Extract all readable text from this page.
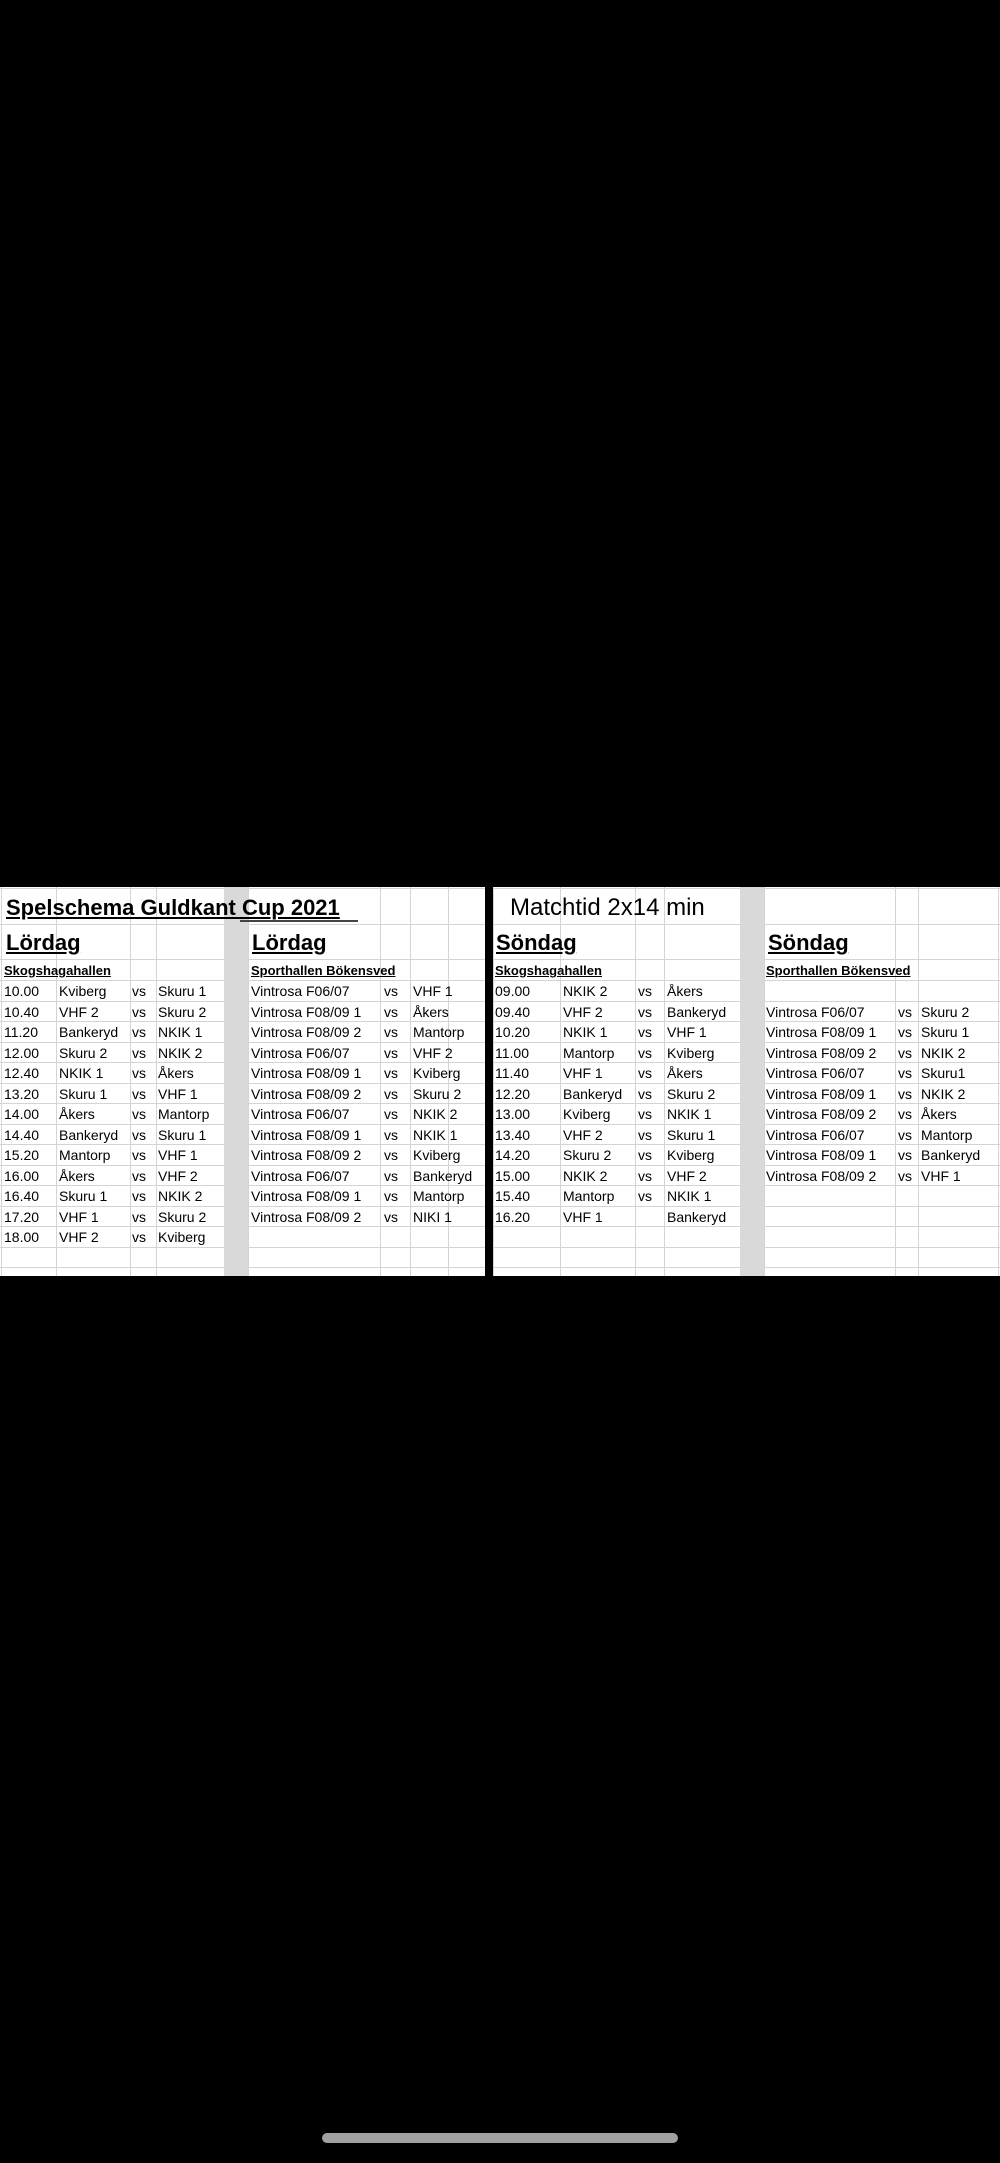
Spelschema Guldkant Cup 2021	Matchtid 2x14 min
Lördag
Skogshagahallen
10.00 Kviberg vs Skuru 1
10.40 VHF 2 vs Skuru 2
11.20 Bankeryd vs NKIK 1
12.00 Skuru 2 vs NKIK 2
12.40 NKIK 1 vs Åkers
13.20 Skuru 1 vs VHF 1
14.00 Åkers	vs Mantorp
14.40 Bankeryd vs Skuru 1
15.20 Mantorp vs VHF 1
16.00 Åkers	vs VHF 2
16.40 Skuru 1 vs NKIK 2
17.20 VHF 1 vs Skuru 2
18.00 VHF 2 vs Kviberg
Lördag
Sporthallen Bökensved
Vintrosa F06/07 vs VHF 1
Vintrosa F08/09 1 vs Åkers
Vintrosa F08/09 2 vs Mantorp
Vintrosa F06/07 vs VHF 2
Vintrosa F08/09 1 vs Kviberg
Vintrosa F08/09 2 vs Skuru 2
Vintrosa F06/07 vs NKIK 2
Vintrosa F08/09 1 vs NKIK 1
Vintrosa F08/09 2 vs Kviberg
Vintrosa F06/07 vs Bankeryd
Vintrosa F08/09 1 vs Mantorp
Vintrosa F08/09 2 vs NIKI 1
Söndag
Skogshagahallen
09.00 NKIK 2 vs Åkers
09.40 VHF 2	vs Bankeryd
10.20 NKIK 1 vs VHF 1
11.00 Mantorp vs Kviberg
11.40 VHF 1	vs Åkers
12.20 Bankeryd vs Skuru 2
13.00 Kviberg vs NKIK 1
13.40 VHF 2	vs Skuru 1
14.20 Skuru 2 vs Kviberg
15.00 NKIK 2 vs VHF 2
15.40 Mantorp vs NKIK 1
16.20 VHF 1	Bankeryd
Söndag
Sporthallen Bökensved
Vintrosa F06/07 vs Skuru 2
Vintrosa F08/09 1 vs Skuru 1
Vintrosa F08/09 2 vs NKIK 2
Vintrosa F06/07 vs Skuru1
Vintrosa F08/09 1 vs NKIK 2
Vintrosa F08/09 2 vs Åkers
Vintrosa F06/07 vs Mantorp
Vintrosa F08/09 1 vs Bankeryd
Vintrosa F08/09 2 vs VHF 1
